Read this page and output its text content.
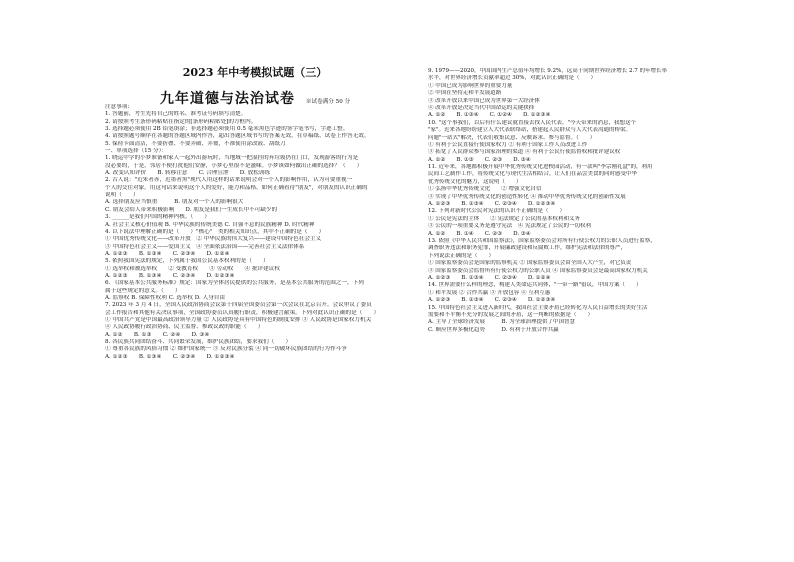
2023 年中考模拟试题（三）
九年道德与法治试卷 ※试卷满分 50 分
注意事项:
1. 答题前，考生先将自己的姓名、准考证号码填写清楚。
2. 请按照考生条形码粘贴在指定的[条形码粘贴处]的方框内。
3. 选择题必须使用 2B 铅笔填涂；非选择题必须使用 0.5 毫米黑色字迹的签字笔书写，字迹工整。
4. 请按照题号顺序在各题的答题区域内作答，超出答题区域书写的答案无效，在草稿纸、试卷上作答无效。
5. 保持卡面清洁，不要折叠、不要弄破、弄皱，不准使用涂改液、刮纸刀
一、单项选择（15 分）：
1. 晓运中学的小梦准备和家人一起外出游玩时，当地域一把湿挂的弃垃圾扔在门口，发现游客的行为是
没必要的，于是，邻居不便打扰他们安静，小梦心里很不是滋味。小梦该如何做出正确的选择？（　　）
A. 改变认知评价　　B. 转移注意　　C. 合理宣泄　　D. 放松训练
2. 古人说："近朱者赤，近墨者黑"现代人用这样的话来说明会对一个人的影响作用，认为可要重视一
个人的交往对象。用这句话来说明这个人的爱好，能力和品格。如何正确看待"朋友"，对朋友的认识正确的
说明（　　）
A. 选择朋友应当慎重　　　B. 朋友对一个人的影响很大
C. 朋友会给人带来积极影响　　D. 朋友是我们一生成长中不可缺少的
3. ______是我们中国的精神内核。（　　）
A. 社会主义核心价值观 B. 中华民族的传统美德 C. 自强不息的民族精神 D. 时代精神
4. 以下说法中理解正确的是（　　）"核心"　类的相关知识点，其中不正确的是（　　）
① 中国优秀传统文化——改革开放　② 中华民族的伟大复兴——建设中国特色社会主义
③ 中国特色社会主义——爱国主义　④ 全面依法治国——完善社会主义法律体系
A. ①②③　　B. ①③④　　C. ②③④　　D. ①②④
5. 依照我国宪法的规定，下列属于我国公民基本权利的是（　　）
① 选举权和被选举权　　② 受教育权　　③ 劳动权　　④ 批评建议权
A. ①②③　　B. ①③④　　C. ②③④　　D. ①②③④
6. 《国家基本公共服务标准》规定：国家为全体居民提供的公共服务，是基本公共服务的范围之一，下列
属于这些规定的意义。（　　）
A. 监察权 B. 保障性权利 C. 选举权 D. 人身自由
7. 2023 年 3 月 4 日，全国人民政治协商会议第十四届全国委员会第一次会议在北京召开。会议审议了委员
会工作报告和其他有关决议事项，全国政协委员认真履行职责，积极建言献策。下列对此认识正确的是（　　）
① 中国共产党是中国最高政治领导力量 ② 人民政协是具有中国特色的制度安排 ③ 人民政协是国家权力机关
④ 人民政协履行政治协商、民主监督、参政议政的职能（　　）
A. ①②　　B. ①③　　C. ②④　　D. ③④
8. 各民族共同团结奋斗、共同繁荣发展，维护民族团结，要求我们（　　）
① 尊重各民族的风俗习惯 ② 维护国家统一 ③ 反对民族分裂 ④ 同一切破坏民族团结的行为作斗争
A. ①②③　　B. ①③④　　C. ②③④　　D. ①②③④
9. 1979——2020，中国国内生产总值年均增长 9.2%，远高于同期世界经济增长 2.7 的年增长率
水平，对世界经济增长贡献率超过 30%，对此认识正确的是（　　）
① 中国已成为影响世界的重要力量
② 中国在坚持走和平发展道路
③ 改革开放以来中国已成为世界第一大经济体
④ 改革开放是决定当代中国命运的关键抉择
A. ①②　　B. ①③④　　C. ①②④　　D. ①②③④
10. "这个事我们，以后有什么建议就直接去找人民代表。"今天带来的消息，我想这个
"家"。近来各地纷纷建立人大代表联络站，搭建起人民群众与人大代表沟通的桥梁。
问题"一站式"解决，代表们收集民意、反映诉求、参与监督。（　　）
① 有利于公民直接行使国家权力 ② 有利于国家工作人员改进工作
③ 拓宽了人民群众参与国家治理的渠道 ④ 有利于公民行使监督权和批评建议权
A. ①②　　B. ①③　　C. ②③　　D. ③④
11. 近年来，各地都积极开展中华优秀传统文化进校园活动，有一款叫"李宗刚礼盒"的，利用
民间工艺制作工作，将传统文化与现代生活相结合，让人们在品尝美食的同时感受中华
优秀传统文化的魅力，这说明（　　）
① 弘扬中华优秀传统文化　　② 增强文化自信
③ 实现了中华优秀传统文化的创造性转化 ④ 推动中华优秀传统文化的创新性发展
A. ①②③　　B. ①③④　　C. ②③④　　D. ①②③④
12. 下列对新时代公民对宪法的认识不正确的是（　　）
① 公民是宪法的主体　　② 宪法规定了公民的基本权利和义务
③ 公民的一项重要义务是遵守宪法　④ 宪法规定了公民的一切权利
A. ①②　　B. ①④　　C. ②③　　D. ③④
13. 依照《中华人民共和国监察法》，国家监察委员会对所有行使公权力的公职人员进行监察，
调查职务违法和职务犯罪，开展廉政建设和反腐败工作，维护宪法和法律的尊严，
下列说法正确的是（　　）
① 国家监察委员会是国家的监察机关 ② 国家监察委员会由全国人大产生，对它负责
③ 国家监察委员会监督所有行使公权力的公职人员 ④ 国家监察委员会是最高国家权力机关
A. ①②③　　B. ①③④　　C. ②③④　　D. ①②④
14. 世界需要什么样的理念，构建人类命运共同体，"一带一路"倡议，中国方案（　　）
① 和平发展 ② 合作共赢 ③ 开放包容 ④ 互利互惠
A. ①②③　　B. ①③④　　C. ②③④　　D. ①②③④
15. 中国特色社会主义进入新时代，我国社会主要矛盾已经转化为人民日益增长的美好生活
需要和不平衡不充分的发展之间的矛盾，这一判断的依据是（　　）
A. 主导了全球经济发展　　　B. 为全球治理提供了中国智慧
C. 顺应世界多极化趋势　　　D. 有利于开放合作共赢
